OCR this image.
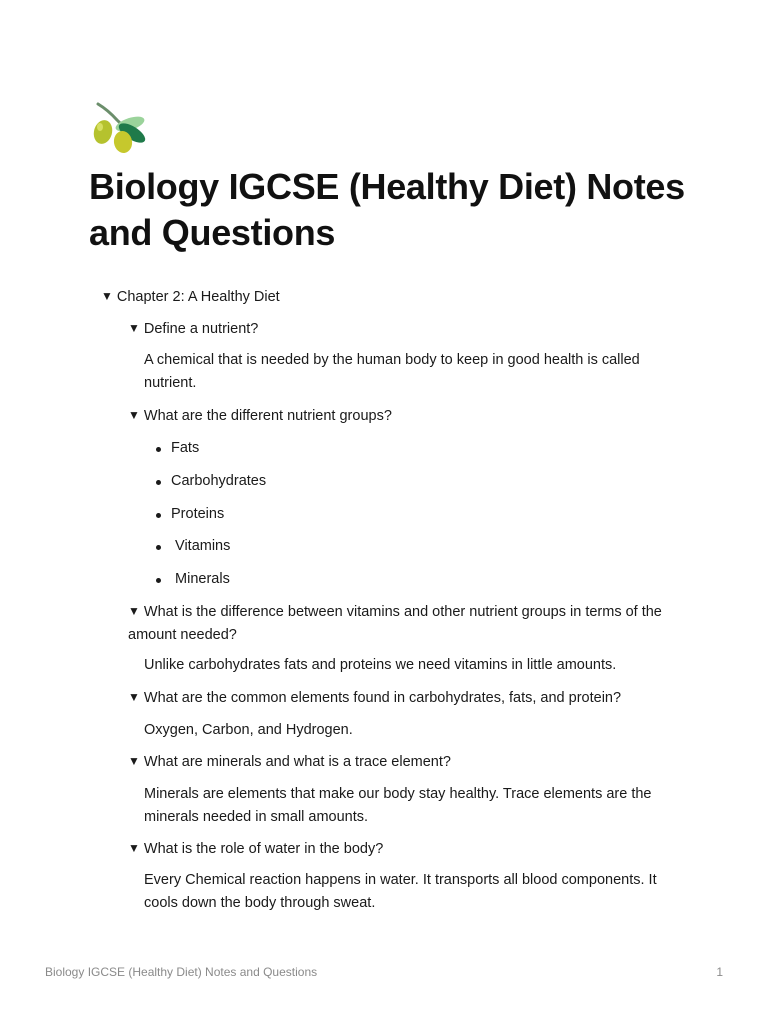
Biology IGCSE (Healthy Diet) Notes and Questions
▼ Chapter 2: A Healthy Diet
▼ Define a nutrient?
A chemical that is needed by the human body to keep in good health is called nutrient.
▼ What are the different nutrient groups?
Fats
Carbohydrates
Proteins
Vitamins
Minerals
▼ What is the difference between vitamins and other nutrient groups in terms of the amount needed?
Unlike carbohydrates fats and proteins we need vitamins in little amounts.
▼ What are the common elements found in carbohydrates, fats, and protein?
Oxygen, Carbon, and Hydrogen.
▼ What are minerals and what is a trace element?
Minerals are elements that make our body stay healthy. Trace elements are the minerals needed in small amounts.
▼ What is the role of water in the body?
Every Chemical reaction happens in water. It transports all blood components. It cools down the body through sweat.
Biology IGCSE (Healthy Diet) Notes and Questions	1
